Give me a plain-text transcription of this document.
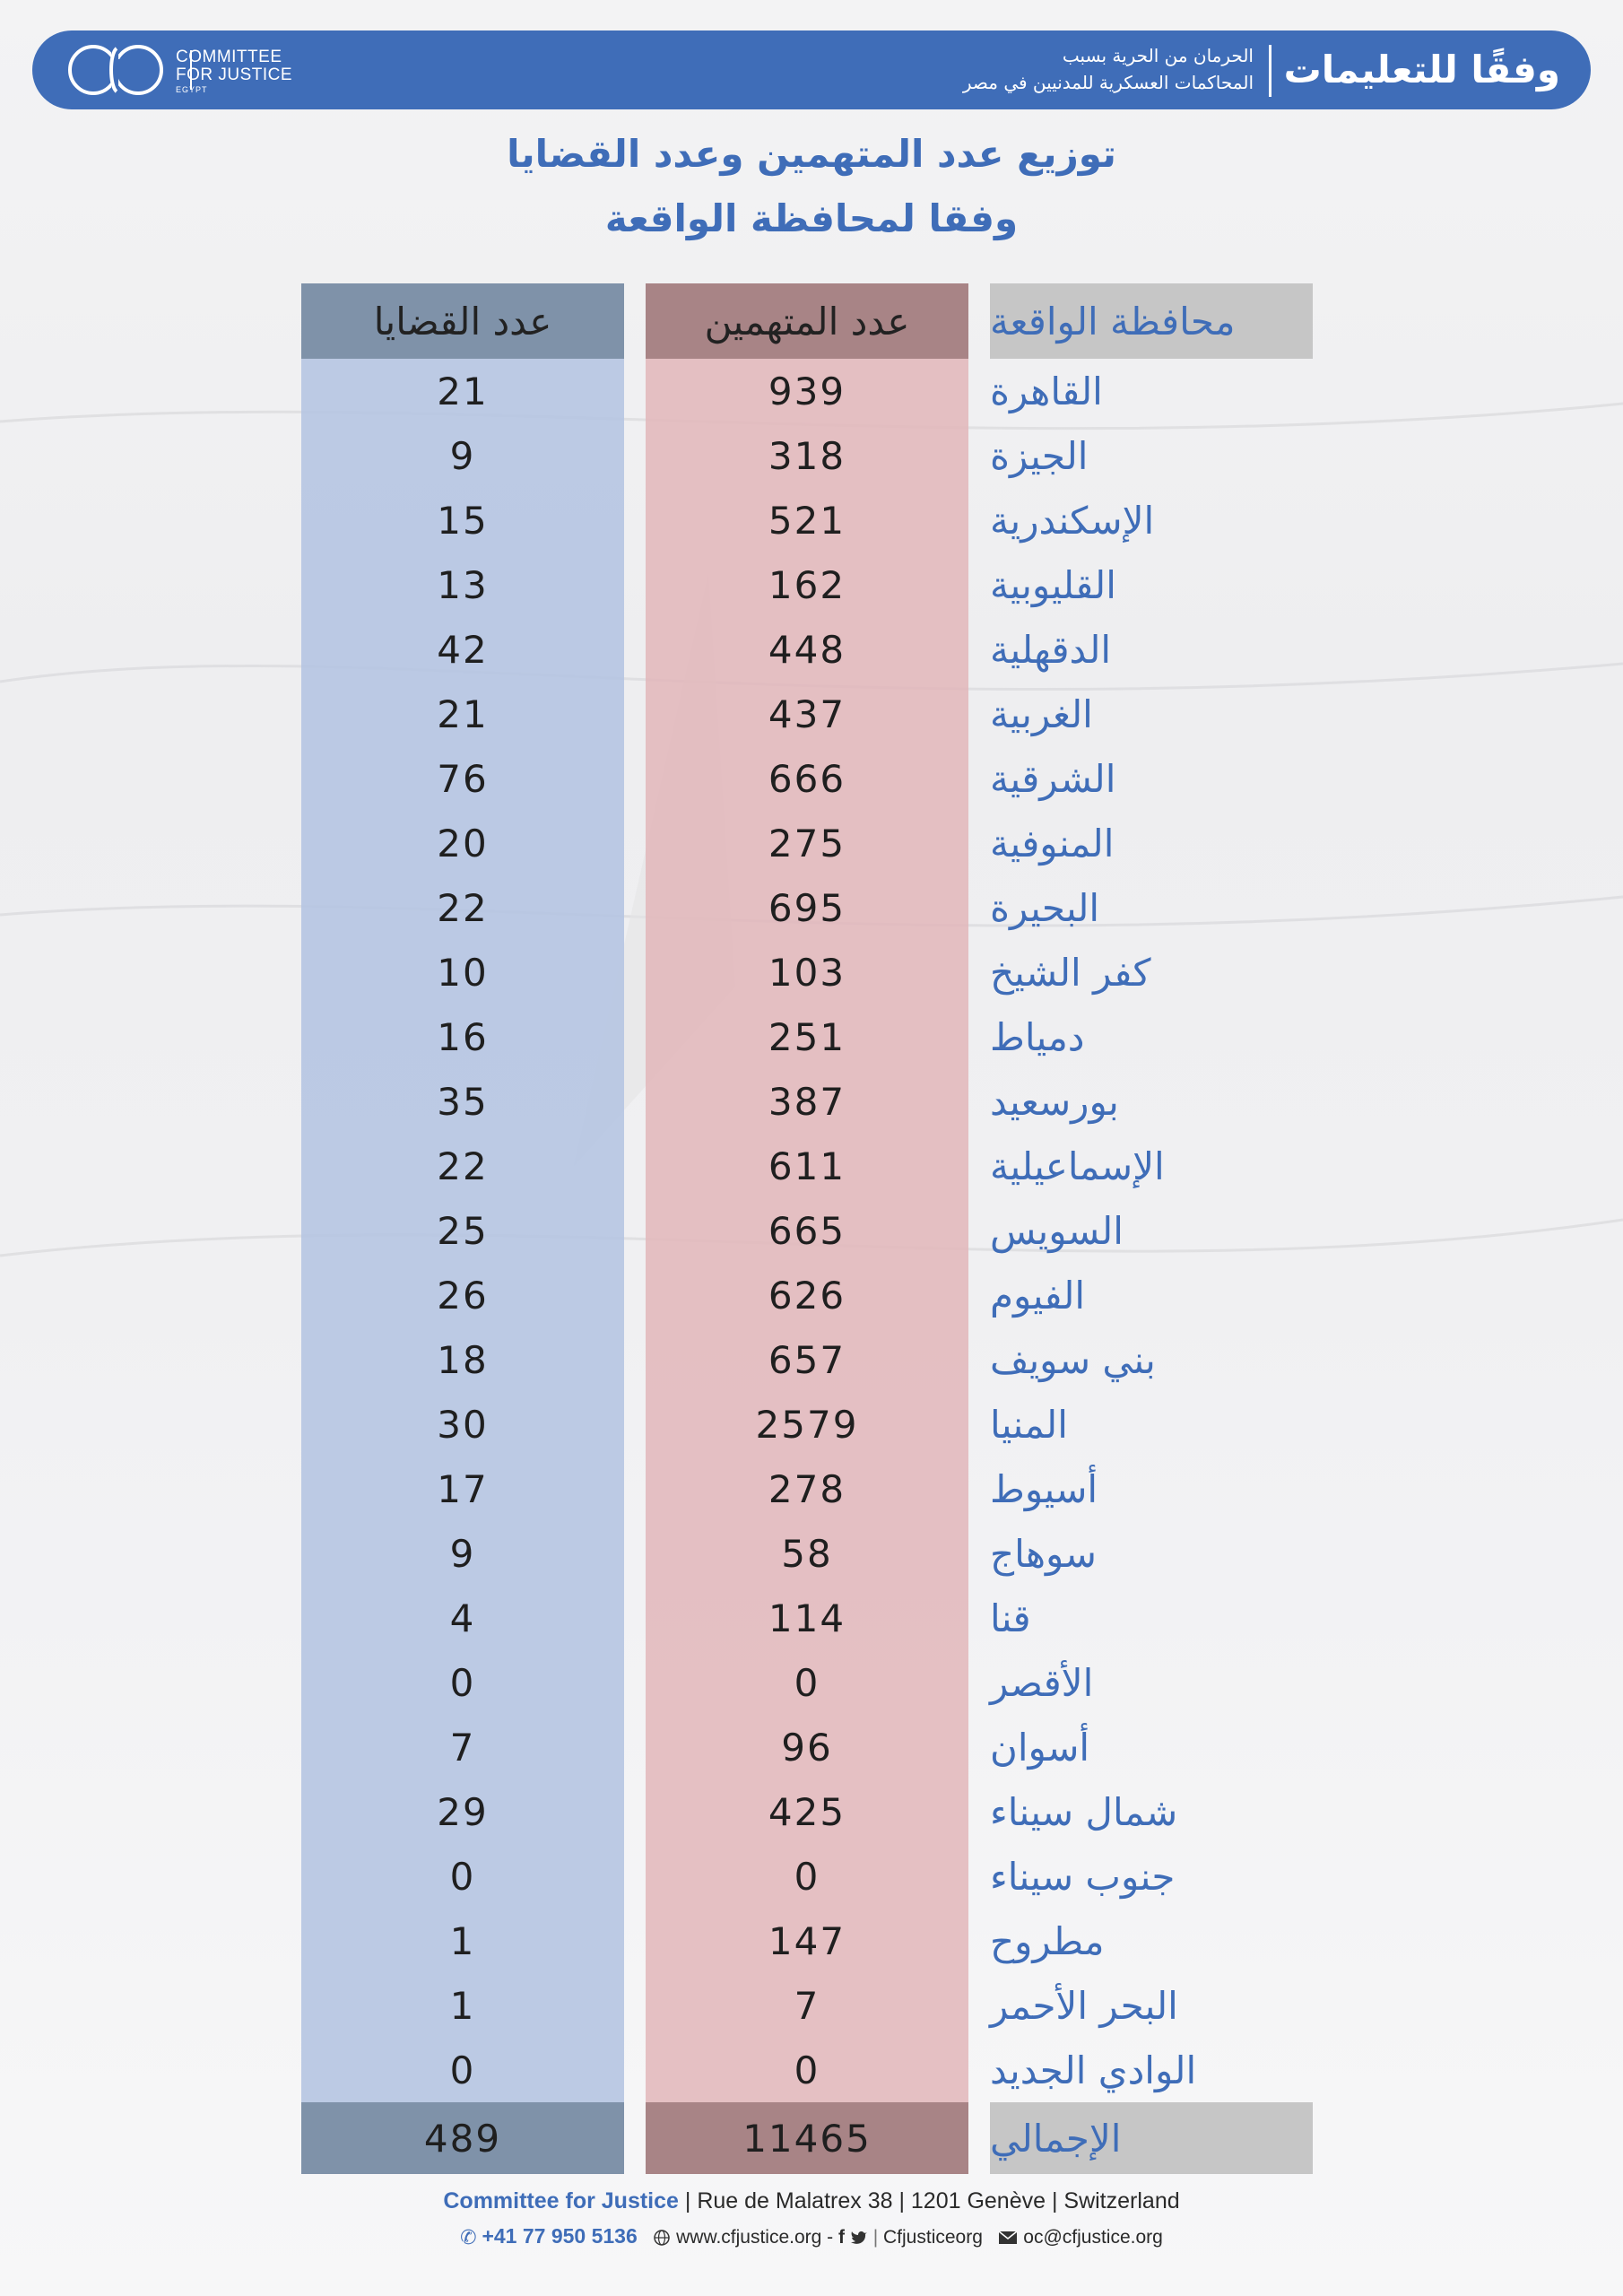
COMMITTEE
FOR JUSTICE
EGYPT
الحرمان من الحرية بسبب
المحاكمات العسكرية للمدنيين في مصر وفقًا للتعليمات
توزيع عدد المتهمين وعدد القضايا
وفقا لمحافظة الواقعة
عدد القضايا
21
9
15
13
42
21
76
20
22
10
16
35
22
25
26
18
30
17
9
4
0
7
29
0
1
1
0
489
عدد المتهمين
939
318
521
162
448
437
666
275
695
103
251
387
611
665
626
657
2579
278
58
114
0
96
425
0
147
7
0
11465
محافظة الواقعة
القاهرة
الجيزة
الإسكندرية
القليوبية
الدقهلية
الغربية
الشرقية
المنوفية
البحيرة
كفر الشيخ
دمياط
بورسعيد
الإسماعيلية
السويس
الفيوم
بني سويف
المنيا
أسيوط
سوهاج
قنا
الأقصر
أسوان
شمال سيناء
جنوب سيناء
مطروح
البحر الأحمر
الوادي الجديد
الإجمالي
Committee for Justice | Rue de Malatrex 38 | 1201 Genève | Switzerland
✆ +41 77 950 5136 www.cfjustice.org - f | Cfjusticeorg oc@cfjustice.org
